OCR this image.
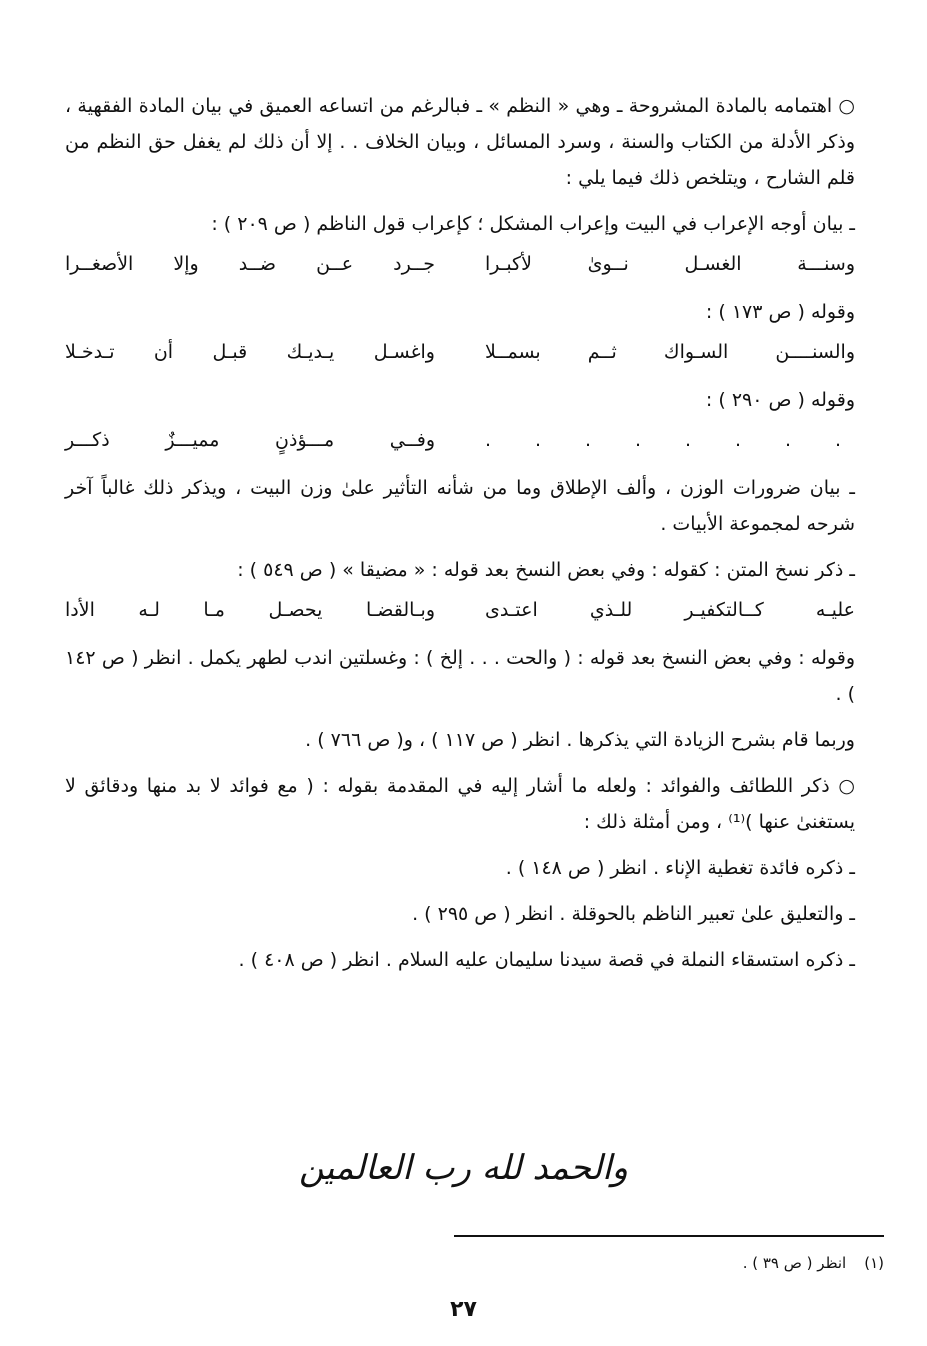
○ اهتمامه بالمادة المشروحة ـ وهي « النظم » ـ فبالرغم من اتساعه العميق في بيان المادة الفقهية ، وذكر الأدلة من الكتاب والسنة ، وسرد المسائل ، وبيان الخلاف . . إلا أن ذلك لم يغفل حق النظم من قلم الشارح ، ويتلخص ذلك فيما يلي :

ـ بيان أوجه الإعراب في البيت وإعراب المشكل ؛ كإعراب قول الناظم ( ص ٢٠٩ ) :

وسنـــة الغسـل نــوىٰ لأكبـرا
جــرد عــن ضــد وإلا الأصغــرا

وقوله ( ص ١٧٣ ) :

والسنــــن السـواك ثــم بسمــلا
واغسـل يـديـك قبـل أن تـدخـلا

وقوله ( ص ٢٩٠ ) :

. . . . . . . .
وفــي مـــؤذنٍ مميـــزٌ ذكـــر

ـ بيان ضرورات الوزن ، وألف الإطلاق وما من شأنه التأثير علىٰ وزن البيت ، ويذكر ذلك غالباً آخر شرحه لمجموعة الأبيات .

ـ ذكر نسخ المتن : كقوله : وفي بعض النسخ بعد قوله : « مضيقا » ( ص ٥٤٩ ) :

عليـه كــالتكفيـر للـذي اعتـدى
وبـالقضـا يحصـل مـا لـه الأدا

وقوله : وفي بعض النسخ بعد قوله : ( والحت . . . إلخ ) : وغسلتين اندب لطهر يكمل . انظر ( ص ١٤٢ ) .

وربما قام بشرح الزيادة التي يذكرها . انظر ( ص ١١٧ ) ، و( ص ٧٦٦ ) .

○ ذكر اللطائف والفوائد : ولعله ما أشار إليه في المقدمة بقوله : ( مع فوائد لا بد منها ودقائق لا يستغنىٰ عنها )⁽¹⁾ ، ومن أمثلة ذلك :

ـ ذكره فائدة تغطية الإناء . انظر ( ص ١٤٨ ) .

ـ والتعليق علىٰ تعبير الناظم بالحوقلة . انظر ( ص ٢٩٥ ) .

ـ ذكره استسقاء النملة في قصة سيدنا سليمان عليه السلام . انظر ( ص ٤٠٨ ) .

والحمد لله رب العالمين
(١)انظر ( ص ٣٩ ) .
٢٧
